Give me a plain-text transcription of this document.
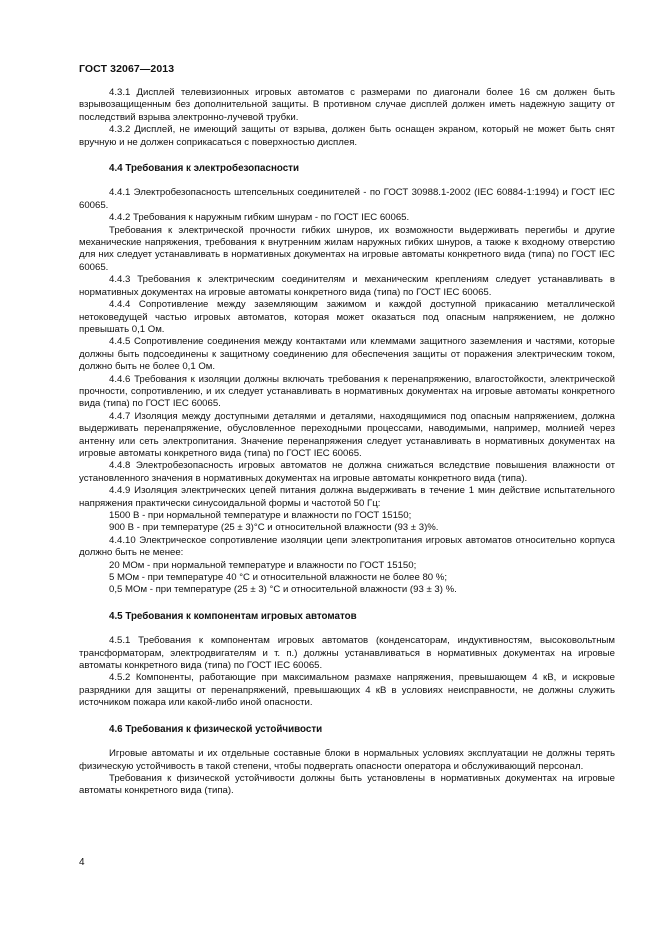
ГОСТ 32067—2013

4.3.1 Дисплей телевизионных игровых автоматов с размерами по диагонали более 16 см должен быть взрывозащищенным без дополнительной защиты. В противном случае дисплей должен иметь надежную защиту от последствий взрыва электронно-лучевой трубки.

4.3.2 Дисплей, не имеющий защиты от взрыва, должен быть оснащен экраном, который не может быть снят вручную и не должен соприкасаться с поверхностью дисплея.

4.4 Требования к электробезопасности

4.4.1 Электробезопасность штепсельных соединителей - по ГОСТ 30988.1-2002 (IEC 60884-1:1994) и ГОСТ IEC 60065.

4.4.2 Требования к наружным гибким шнурам - по ГОСТ IEC 60065.

Требования к электрической прочности гибких шнуров, их возможности выдерживать перегибы и другие механические напряжения, требования к внутренним жилам наружных гибких шнуров, а также к входному отверстию для них следует устанавливать в нормативных документах на игровые автоматы конкретного вида (типа) по ГОСТ IEC 60065.

4.4.3 Требования к электрическим соединителям и механическим креплениям следует устанавливать в нормативных документах на игровые автоматы конкретного вида (типа) по ГОСТ IEC 60065.

4.4.4 Сопротивление между заземляющим зажимом и каждой доступной прикасанию металлической нетоковедущей частью игровых автоматов, которая может оказаться под опасным напряжением, не должно превышать 0,1 Ом.

4.4.5 Сопротивление соединения между контактами или клеммами защитного заземления и частями, которые должны быть подсоединены к защитному соединению для обеспечения защиты от поражения электрическим током, должно быть не более 0,1 Ом.

4.4.6 Требования к изоляции должны включать требования к перенапряжению, влагостойкости, электрической прочности, сопротивлению, и их следует устанавливать в нормативных документах на игровые автоматы конкретного вида (типа) по ГОСТ IEC 60065.

4.4.7 Изоляция между доступными деталями и деталями, находящимися под опасным напряжением, должна выдерживать перенапряжение, обусловленное переходными процессами, наводимыми, например, молнией через антенну или сеть электропитания. Значение перенапряжения следует устанавливать в нормативных документах на игровые автоматы конкретного вида (типа) по ГОСТ IEC 60065.

4.4.8 Электробезопасность игровых автоматов не должна снижаться вследствие повышения влажности от установленного значения в нормативных документах на игровые автоматы конкретного вида (типа).

4.4.9 Изоляция электрических цепей питания должна выдерживать в течение 1 мин действие испытательного напряжения практически синусоидальной формы и частотой 50 Гц:

1500 В - при нормальной температуре и влажности по ГОСТ 15150;

900 В - при температуре (25 ± 3)°С и относительной влажности (93 ± 3)%.

4.4.10 Электрическое сопротивление изоляции цепи электропитания игровых автоматов относительно корпуса должно быть не менее:

20 МОм - при нормальной температуре и влажности по ГОСТ 15150;

5 МОм - при температуре 40 °С и относительной влажности не более 80 %;

0,5 МОм - при температуре (25 ± 3) °С и относительной влажности (93 ± 3) %.

4.5 Требования к компонентам игровых автоматов

4.5.1 Требования к компонентам игровых автоматов (конденсаторам, индуктивностям, высоковольтным трансформаторам, электродвигателям и т. п.) должны устанавливаться в нормативных документах на игровые автоматы конкретного вида (типа) по ГОСТ IEC 60065.

4.5.2 Компоненты, работающие при максимальном размахе напряжения, превышающем 4 кВ, и искровые разрядники для защиты от перенапряжений, превышающих 4 кВ в условиях неисправности, не должны служить источником пожара или какой-либо иной опасности.

4.6 Требования к физической устойчивости

Игровые автоматы и их отдельные составные блоки в нормальных условиях эксплуатации не должны терять физическую устойчивость в такой степени, чтобы подвергать опасности оператора и обслуживающий персонал.

Требования к физической устойчивости должны быть установлены в нормативных документах на игровые автоматы конкретного вида (типа).

4
